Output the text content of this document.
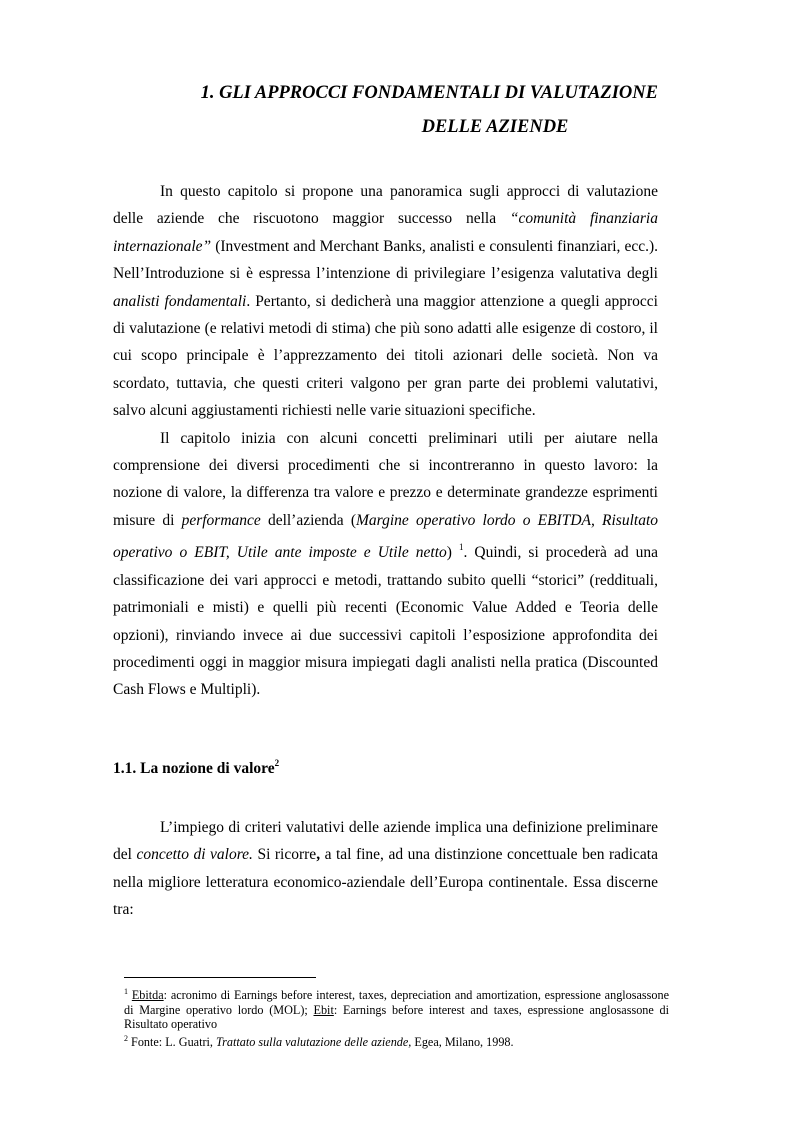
1. GLI APPROCCI FONDAMENTALI DI VALUTAZIONE
DELLE AZIENDE

In questo capitolo si propone una panoramica sugli approcci di valutazione delle aziende che riscuotono maggior successo nella “comunità finanziaria internazionale” (Investment and Merchant Banks, analisti e consulenti finanziari, ecc.). Nell’Introduzione si è espressa l’intenzione di privilegiare l’esigenza valutativa degli analisti fondamentali. Pertanto, si dedicherà una maggior attenzione a quegli approcci di valutazione (e relativi metodi di stima) che più sono adatti alle esigenze di costoro, il cui scopo principale è l’apprezzamento dei titoli azionari delle società. Non va scordato, tuttavia, che questi criteri valgono per gran parte dei problemi valutativi, salvo alcuni aggiustamenti richiesti nelle varie situazioni specifiche.

Il capitolo inizia con alcuni concetti preliminari utili per aiutare nella comprensione dei diversi procedimenti che si incontreranno in questo lavoro: la nozione di valore, la differenza tra valore e prezzo e determinate grandezze esprimenti misure di performance dell’azienda (Margine operativo lordo o EBITDA, Risultato operativo o EBIT, Utile ante imposte e Utile netto) $^1$. Quindi, si procederà ad una classificazione dei vari approcci e metodi, trattando subito quelli “storici” (reddituali, patrimoniali e misti) e quelli più recenti (Economic Value Added e Teoria delle opzioni), rinviando invece ai due successivi capitoli l’esposizione approfondita dei procedimenti oggi in maggior misura impiegati dagli analisti nella pratica (Discounted Cash Flows e Multipli).

1.1. La nozione di valore$^2$

L’impiego di criteri valutativi delle aziende implica una definizione preliminare del concetto di valore. Si ricorre, a tal fine, ad una distinzione concettuale ben radicata nella migliore letteratura economico-aziendale dell’Europa continentale. Essa discerne tra:

$^1$ Ebitda: acronimo di Earnings before interest, taxes, depreciation and amortization, espressione anglosassone di Margine operativo lordo (MOL); Ebit: Earnings before interest and taxes, espressione anglosassone di Risultato operativo

$^2$ Fonte: L. Guatri, Trattato sulla valutazione delle aziende, Egea, Milano, 1998.
